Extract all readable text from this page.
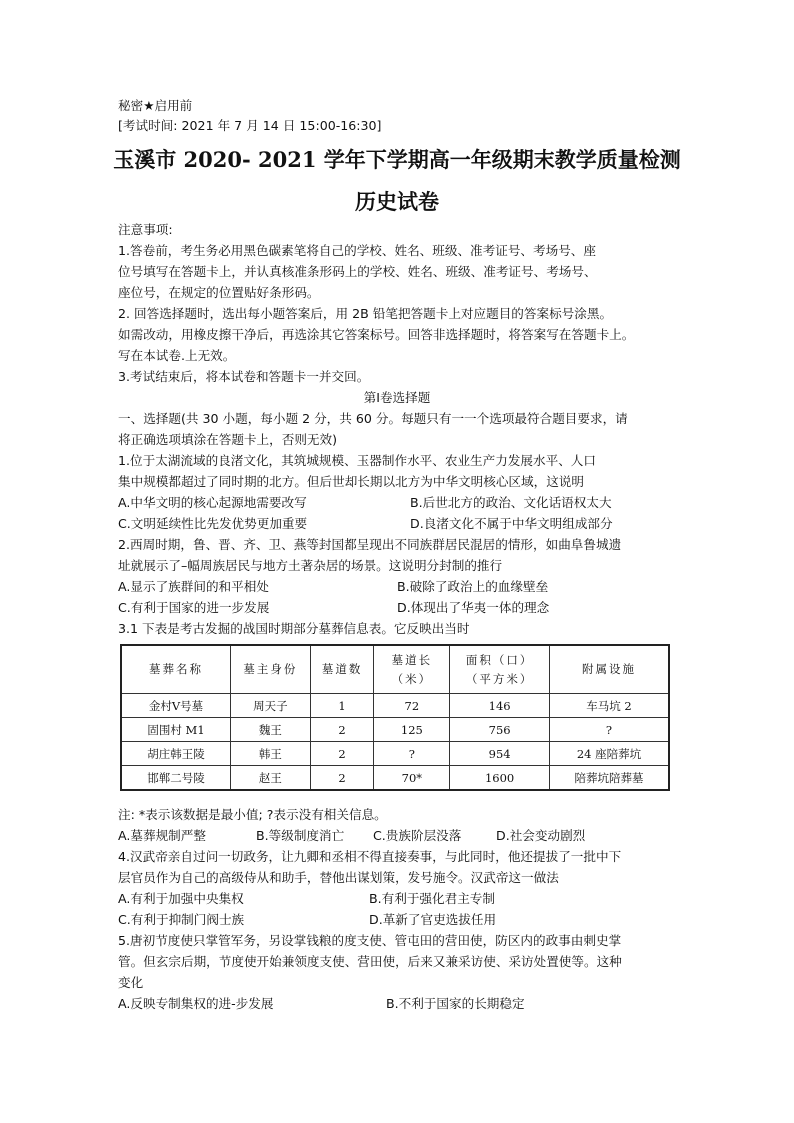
秘密★启用前
[考试时间: 2021 年 7 月 14 日 15:00-16:30]
玉溪市 2020- 2021 学年下学期高一年级期末教学质量检测
历史试卷
注意事项:
1.答卷前，考生务必用黑色碳素笔将自己的学校、姓名、班级、准考证号、考场号、座
位号填写在答题卡上，并认真核准条形码上的学校、姓名、班级、准考证号、考场号、
座位号，在规定的位置贴好条形码。
2. 回答选择题时，选出每小题答案后，用 2B 铅笔把答题卡上对应题目的答案标号涂黑。
如需改动，用橡皮擦干净后，再选涂其它答案标号。回答非选择题时，将答案写在答题卡上。
写在本试卷.上无效。
3.考试结束后，将本试卷和答题卡一并交回。
第Ⅰ卷选择题
一、选择题(共 30 小题，每小题 2 分，共 60 分。每题只有一一个选项最符合题目要求，请
将正确选项填涂在答题卡上，否则无效)
1.位于太湖流域的良渚文化，其筑城规模、玉器制作水平、农业生产力发展水平、人口
集中规模都超过了同时期的北方。但后世却长期以北方为中华文明核心区域，这说明
A.中华文明的核心起源地需要改写	B.后世北方的政治、文化话语权太大
C.文明延续性比先发优势更加重要	D.良渚文化不属于中华文明组成部分
2.西周时期，鲁、晋、齐、卫、燕等封国都呈现出不同族群居民混居的情形，如曲阜鲁城遗
址就展示了–幅周族居民与地方土著杂居的场景。这说明分封制的推行
A.显示了族群间的和平相处	B.破除了政治上的血缘壁垒
C.有利于国家的进一步发展	D.体现出了华夷一体的理念
3.1 下表是考古发掘的战国时期部分墓葬信息表。它反映出当时
墓葬名称	墓主身份	墓道数	墓道长
（米）	面积（口）
（平方米）	附属设施
金村Ⅴ号墓	周天子	1	72	146	车马坑 2
固围村 M1	魏王	2	125	756	?
胡庄韩王陵	韩王	2	?	954	24 座陪葬坑
邯郸二号陵	赵王	2	70*	1600	陪葬坑陪葬墓
注: *表示该数据是最小值; ?表示没有相关信息。
A.墓葬规制严整	B.等级制度消亡 C.贵族阶层没落	D.社会变动剧烈
4.汉武帝亲自过问一切政务，让九卿和丞相不得直接奏事，与此同时，他还提拔了一批中下
层官员作为自己的高级侍从和助手，替他出谋划策，发号施令。汉武帝这一做法
A.有利于加强中央集权	B.有利于强化君主专制
C.有利于抑制门阀士族	D.革新了官吏选拔任用
5.唐初节度使只掌管军务，另设掌钱粮的度支使、管屯田的营田使，防区内的政事由刺史掌
管。但玄宗后期，节度使开始兼领度支使、营田使，后来又兼采访使、采访处置使等。这种
变化
A.反映专制集权的进-步发展	B.不利于国家的长期稳定
